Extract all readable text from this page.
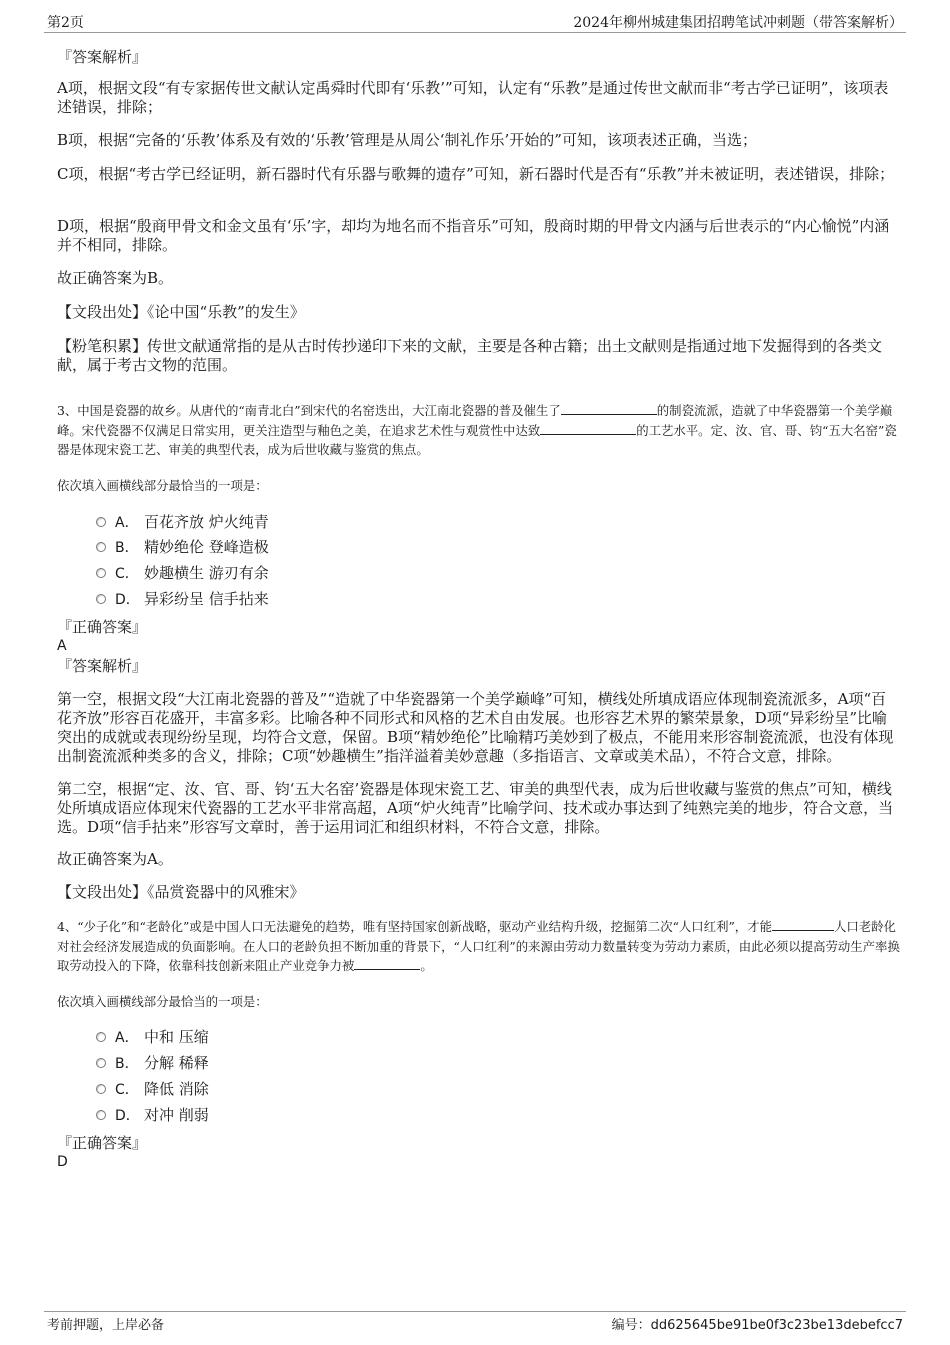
第2页	2024年柳州城建集团招聘笔试冲刺题（带答案解析）
『答案解析』

A项，根据文段“有专家据传世文献认定禹舜时代即有‘乐教’”可知，认定有“乐教”是通过传世文献而非“考古学已证明”，该项表述错误，排除；

B项，根据“完备的‘乐教’体系及有效的‘乐教’管理是从周公‘制礼作乐’开始的”可知，该项表述正确，当选；

C项，根据“考古学已经证明，新石器时代有乐器与歌舞的遗存”可知，新石器时代是否有“乐教”并未被证明，表述错误，排除；

D项，根据“殷商甲骨文和金文虽有‘乐’字，却均为地名而不指音乐”可知，殷商时期的甲骨文内涵与后世表示的“内心愉悦”内涵并不相同，排除。

故正确答案为B。

【文段出处】《论中国“乐教”的发生》

【粉笔积累】传世文献通常指的是从古时传抄递印下来的文献，主要是各种古籍；出土文献则是指通过地下发掘得到的各类文献，属于考古文物的范围。

3、中国是瓷器的故乡。从唐代的“南青北白”到宋代的名窑迭出，大江南北瓷器的普及催生了	的制瓷流派，造就了中华瓷器第一个美学巅峰。宋代瓷器不仅满足日常实用，更关注造型与釉色之美，在追求艺术性与观赏性中达致	的工艺水平。定、汝、官、哥、钧“五大名窑”瓷器是体现宋瓷工艺、审美的典型代表，成为后世收藏与鉴赏的焦点。

依次填入画横线部分最恰当的一项是：

A． 百花齐放 炉火纯青
B． 精妙绝伦 登峰造极
C． 妙趣横生 游刃有余
D． 异彩纷呈 信手拈来
『正确答案』
A
『答案解析』

第一空，根据文段“大江南北瓷器的普及”“造就了中华瓷器第一个美学巅峰”可知，横线处所填成语应体现制瓷流派多，A项“百花齐放”形容百花盛开，丰富多彩。比喻各种不同形式和风格的艺术自由发展。也形容艺术界的繁荣景象，D项“异彩纷呈”比喻突出的成就或表现纷纷呈现，均符合文意，保留。B项“精妙绝伦”比喻精巧美妙到了极点，不能用来形容制瓷流派，也没有体现出制瓷流派种类多的含义，排除；C项“妙趣横生”指洋溢着美妙意趣（多指语言、文章或美术品），不符合文意，排除。

第二空，根据“定、汝、官、哥、钧‘五大名窑’瓷器是体现宋瓷工艺、审美的典型代表，成为后世收藏与鉴赏的焦点”可知，横线处所填成语应体现宋代瓷器的工艺水平非常高超，A项“炉火纯青”比喻学问、技术或办事达到了纯熟完美的地步，符合文意，当选。D项“信手拈来”形容写文章时，善于运用词汇和组织材料，不符合文意，排除。

故正确答案为A。

【文段出处】《品赏瓷器中的风雅宋》

4、“少子化”和“老龄化”或是中国人口无法避免的趋势，唯有坚持国家创新战略，驱动产业结构升级，挖掘第二次“人口红利”，才能	人口老龄化对社会经济发展造成的负面影响。在人口的老龄负担不断加重的背景下，“人口红利”的来源由劳动力数量转变为劳动力素质，由此必须以提高劳动生产率换取劳动投入的下降，依靠科技创新来阻止产业竞争力被	。

依次填入画横线部分最恰当的一项是：

A． 中和 压缩
B． 分解 稀释
C． 降低 消除
D． 对冲 削弱
『正确答案』
D
考前押题，上岸必备	编号：dd625645be91be0f3c23be13debefcc7
